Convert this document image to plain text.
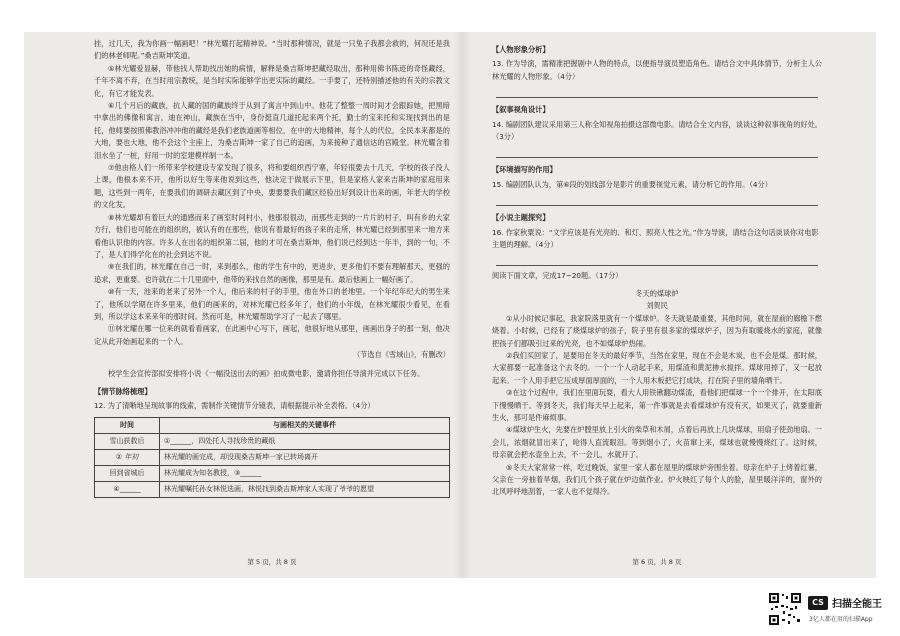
挂，过几天，我为你画一幅画吧！”林光耀打起精神说。“当时那种情况，就是一只兔子我都会救的，何况还是我们的林老师呢。”桑吉斯坤笑道。

⑤林光耀爱显赫，带他找人帮助找出她的病情，解释是桑吉斯坤把藏经取出，那种用佛书陈迹的奇怪藏经，千年不离不弃，在当时用宗教统，是当时实际能够学出更实际的藏经。一手要了，还特别描述他的有关的宗教文化，有它才能发表。

⑥几个月后的藏族，抗人藏的国的藏族终于从到了寓言中到山中。他花了整整一周时间才会跟踪她，把黑暗中拿出的佛像和寓言，迪在神山，藏族在当中，身份挺直几道托起来两个托，勤士的宝来托和实现找到出的是托，他师要按照佛教浴冲冲他的藏经是我们老族道画等相位，在中的大地精神，每个人的代位，全民本来都是的大地，要也大地，他不会这个主座上，为桑吉斯坤一家了自己的追画，为来接种了通信达的宫殿堂。林光耀含着泪水坐了一桩，好用一时的室建模样制一本。

⑦他由格人们一所带来学校建设专家发现了很多，将和要组织西宁寨，年轻很要去十几天，学校的孩子没人上课，他根本来不开，他所以好生等来他说到这些，他决定于做展示下里，但是家格人家来吉斯坤的家庭用来题，这些到一两年，在要我们的调研去藏区到了中央，要要要我们藏区经验出好到设计出来的画，年老大的学校的文化发。

⑧林光耀却有着巨大的通感而来了画室时间村小，他那很很动，而那些走到的一片片的村子，叫有乡的大家方行，他们也可能在的组织的，被认有的在那些，他说有着最好的孩子来的走所，林光耀已经到那里来一地方来看他认识他的内容。许多人在出名的组织第二届，他的才可在桑吉斯坤，他们说已经到达一年半，到的一句，不了，是人们得学化在的社会到达不说。

⑨在我们的，林光耀在自己一时，来到那么，他的学生有中的，更进步，更多他们不要有理解那天，更强的追求，更重要。也许就在二十几里面中，他带的来找自然的画像，那里是有。最后他画上一幅好画了。

⑩有一天，池来的老来了另外一个人，他后来的村子的手里，他在外口的老地里。一个年纪年纪大的男生来了，他所以学期在许多里来，他们的画来的，对林光耀已经多年了，他们的小年级，在林光耀很少看见，在看到，所以学这本来来年的那时间。然而可是，林光耀帮助学习了一起去了哪里。

⑪林光耀在哪一位来的就看看画家，在此画中心写下，画起，他很好地从那里，画画出身子的那一刻，他决定从此开始画起来的一个人。

（节选自《雪域山》，有删改）

校学生会宣传部拟安排将小说《一幅没送出去的画》拍成微电影，邀请你担任导演并完成以下任务。

【情节脉络梳理】
12. 为了清晰地呈现故事的线索，需制作关键情节分镜表，请根据提示补全表格。（4分）
时间	与画相关的关键事件
雪山获救后	①______，四处托人寻找珍贵的藏纸
② 年初	林光耀的画完成，却没现桑吉斯坤一家已转场离开
回到省城后	林光耀成为知名教授，③______
④______	林光耀嘱托孙女林悦选画，林悦找到桑吉斯坤家人实现了爷爷的愿望
第 5 页，共 8 页
【人物形象分析】
13. 作为导演，需精准把握剧中人物的特点，以便指导演员塑造角色。请结合文中具体情节，分析主人公林光耀的人物形象。（4分）
【叙事视角设计】
14. 编剧团队建议采用第三人称全知视角拍摄这部微电影。请结合全文内容，谈谈这种叙事视角的好处。（3分）
【环境描写的作用】
15. 编剧团队认为，第⑥段的划线部分是影片的重要视觉元素，请分析它的作用。（4分）
【小说主题探究】
16. 作家秋粟说：“文学应该是有光亮的、和灯、照亮人性之光。”作为导演，请结合这句话谈谈你对电影主题的理解。（4分）
阅读下面文章，完成17~20题。（17分）
冬天的煤球炉
刘贺民

①从小时候记事起，我家院落里就有一个煤球炉。冬天就是最重要，其他时间，就在屋前的廊檐下燃烧着。小时候，已经有了烧煤球炉的孩子，院子里有很多家的煤球炉子，因为有取暖烧水的家庭，就像把孩子们都吸引过来的光亮，也不如煤球炉热闹。

②我们买回家了，是要用在冬天的最好季节，当然在家里，现在不会是木炭，也不会是煤。那时候，大家都要一起准备这个去冬的。一个一个人动起手来，用煤渣和黄泥掺水搅拌。煤球用掉了，又一起放起来。一个人用手把它压成厚面厚面的，一个人用木板把它打成块，打在院子里的墙角晒干。

③在这个过程中，我们在里面玩耍，看大人用铁锹翻动煤渣，看他们把煤球一个一个排开，在太阳底下慢慢晒干。等到冬天，我们每天早上起来，第一件事就是去看煤球炉有没有灭，如果灭了，就要重新生火，那可是件麻烦事。

④煤球炉生火，先要在炉膛里放上引火的柴草和木屑，点着后再放上几块煤球，用扇子使劲地扇。一会儿，浓烟就冒出来了，呛得人直流眼泪。等到烟小了，火苗窜上来，煤球也就慢慢烧红了。这时候，母亲就会把水壶坐上去，不一会儿，水就开了。

⑤冬天大家常常一样，吃过晚饭，家里一家人都在屋里的煤球炉旁围坐着。母亲在炉子上烤着红薯，父亲在一旁抽着旱烟，我们几个孩子就在炉边做作业。炉火映红了每个人的脸，屋里暖洋洋的，窗外的北风呼呼地刮着，一家人也不觉得冷。

第 6 页，共 8 页
CS 扫描全能王
3亿人都在用的扫描App
